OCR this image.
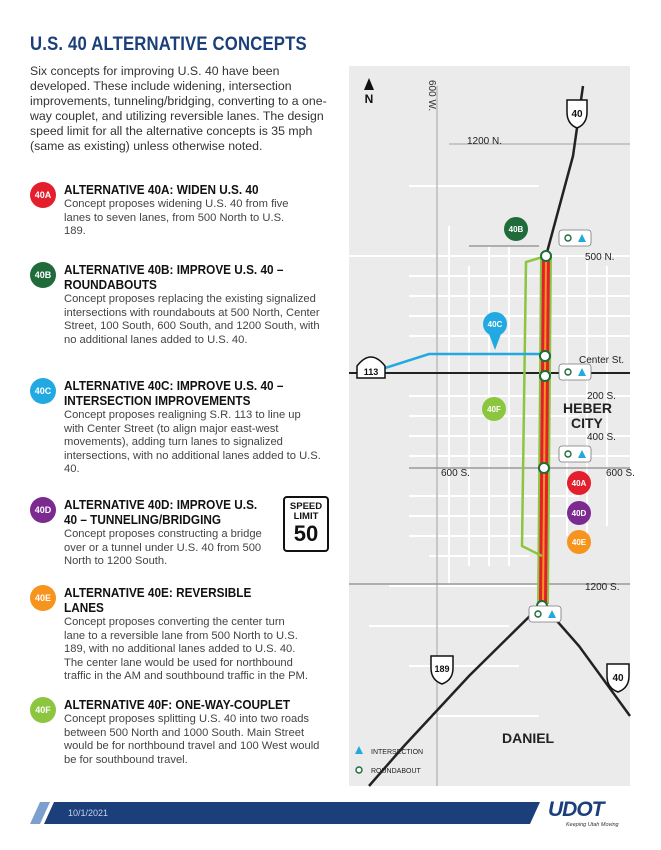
U.S. 40 ALTERNATIVE CONCEPTS
Six concepts for improving U.S. 40 have been developed. These include widening, intersection improvements, tunneling/bridging, converting to a one-way couplet, and utilizing reversible lanes. The design speed limit for all the alternative concepts is 35 mph (same as existing) unless otherwise noted.
40A ALTERNATIVE 40A: WIDEN U.S. 40
Concept proposes widening U.S. 40 from five lanes to seven lanes, from 500 North to U.S. 189.
40B ALTERNATIVE 40B: IMPROVE U.S. 40 – ROUNDABOUTS
Concept proposes replacing the existing signalized intersections with roundabouts at 500 North, Center Street, 100 South, 600 South, and 1200 South, with no additional lanes added to U.S. 40.
40C ALTERNATIVE 40C: IMPROVE U.S. 40 – INTERSECTION IMPROVEMENTS
Concept proposes realigning S.R. 113 to line up with Center Street (to align major east-west movements), adding turn lanes to signalized intersections, with no additional lanes added to U.S. 40.
40D ALTERNATIVE 40D: IMPROVE U.S. 40 – TUNNELING/BRIDGING
Concept proposes constructing a bridge over or a tunnel under U.S. 40 from 500 North to 1200 South.
SPEED
LIMIT
50
40E	ALTERNATIVE 40E: REVERSIBLE LANES
Concept proposes converting the center turn lane to a reversible lane from 500 North to U.S. 189, with no additional lanes added to U.S. 40. The center lane would be used for northbound traffic in the AM and southbound traffic in the PM.
40F	ALTERNATIVE 40F: ONE-WAY-COUPLET
Concept proposes splitting U.S. 40 into two roads between 500 North and 1000 South. Main Street would be for northbound travel and 100 West would be for southbound travel.
N	600 W.
40
113
189
40
1200 N.
500 N.
Center St.
200 S.
400 S.
600 S.	600 S.
1200 S.
HEBER
CITY
DANIEL
40B
40C
40F
40A
40D
40E
INTERSECTION
ROUNDABOUT
10/1/2021	UDOT
Keeping Utah Moving
